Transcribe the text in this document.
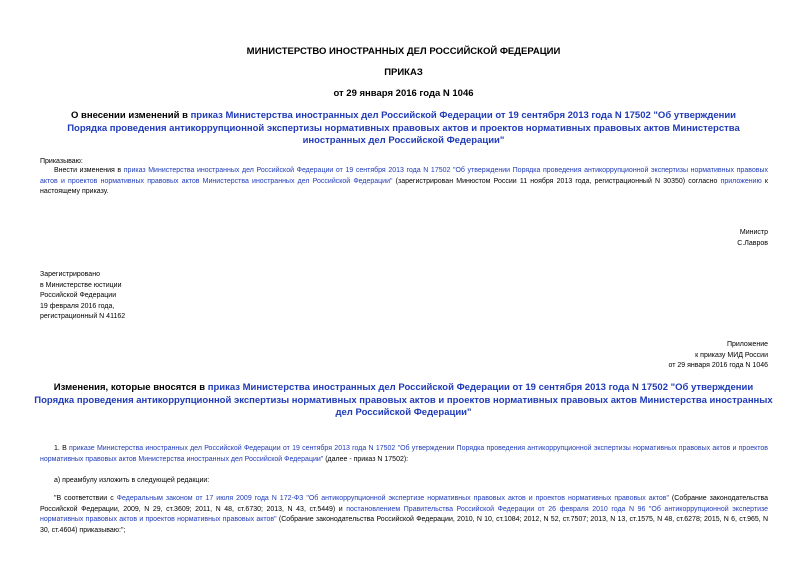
МИНИСТЕРСТВО ИНОСТРАННЫХ ДЕЛ РОССИЙСКОЙ ФЕДЕРАЦИИ
ПРИКАЗ
от 29 января 2016 года N 1046
О внесении изменений в приказ Министерства иностранных дел Российской Федерации от 19 сентября 2013 года N 17502 "Об утверждении Порядка проведения антикоррупционной экспертизы нормативных правовых актов и проектов нормативных правовых актов Министерства иностранных дел Российской Федерации"
Приказываю:
Внести изменения в приказ Министерства иностранных дел Российской Федерации от 19 сентября 2013 года N 17502 "Об утверждении Порядка проведения антикоррупционной экспертизы нормативных правовых актов и проектов нормативных правовых актов Министерства иностранных дел Российской Федерации" (зарегистрирован Минюстом России 11 ноября 2013 года, регистрационный N 30350) согласно приложению к настоящему приказу.
Министр
С.Лавров
Зарегистрировано
в Министерстве юстиции
Российской Федерации
19 февраля 2016 года,
регистрационный N 41162
Приложение
к приказу МИД России
от 29 января 2016 года N 1046
Изменения, которые вносятся в приказ Министерства иностранных дел Российской Федерации от 19 сентября 2013 года N 17502 "Об утверждении Порядка проведения антикоррупционной экспертизы нормативных правовых актов и проектов нормативных правовых актов Министерства иностранных дел Российской Федерации"
1. В приказе Министерства иностранных дел Российской Федерации от 19 сентября 2013 года N 17502 "Об утверждении Порядка проведения антикоррупционной экспертизы нормативных правовых актов и проектов нормативных правовых актов Министерства иностранных дел Российской Федерации" (далее - приказ N 17502):
а) преамбулу изложить в следующей редакции:
"В соответствии с Федеральным законом от 17 июля 2009 года N 172-ФЗ "Об антикоррупционной экспертизе нормативных правовых актов и проектов нормативных правовых актов" (Собрание законодательства Российской Федерации, 2009, N 29, ст.3609; 2011, N 48, ст.6730; 2013, N 43, ст.5449) и постановлением Правительства Российской Федерации от 26 февраля 2010 года N 96 "Об антикоррупционной экспертизе нормативных правовых актов и проектов нормативных правовых актов" (Собрание законодательства Российской Федерации, 2010, N 10, ст.1084; 2012, N 52, ст.7507; 2013, N 13, ст.1575, N 48, ст.6278; 2015, N 6, ст.965, N 30, ст.4604) приказываю:";
